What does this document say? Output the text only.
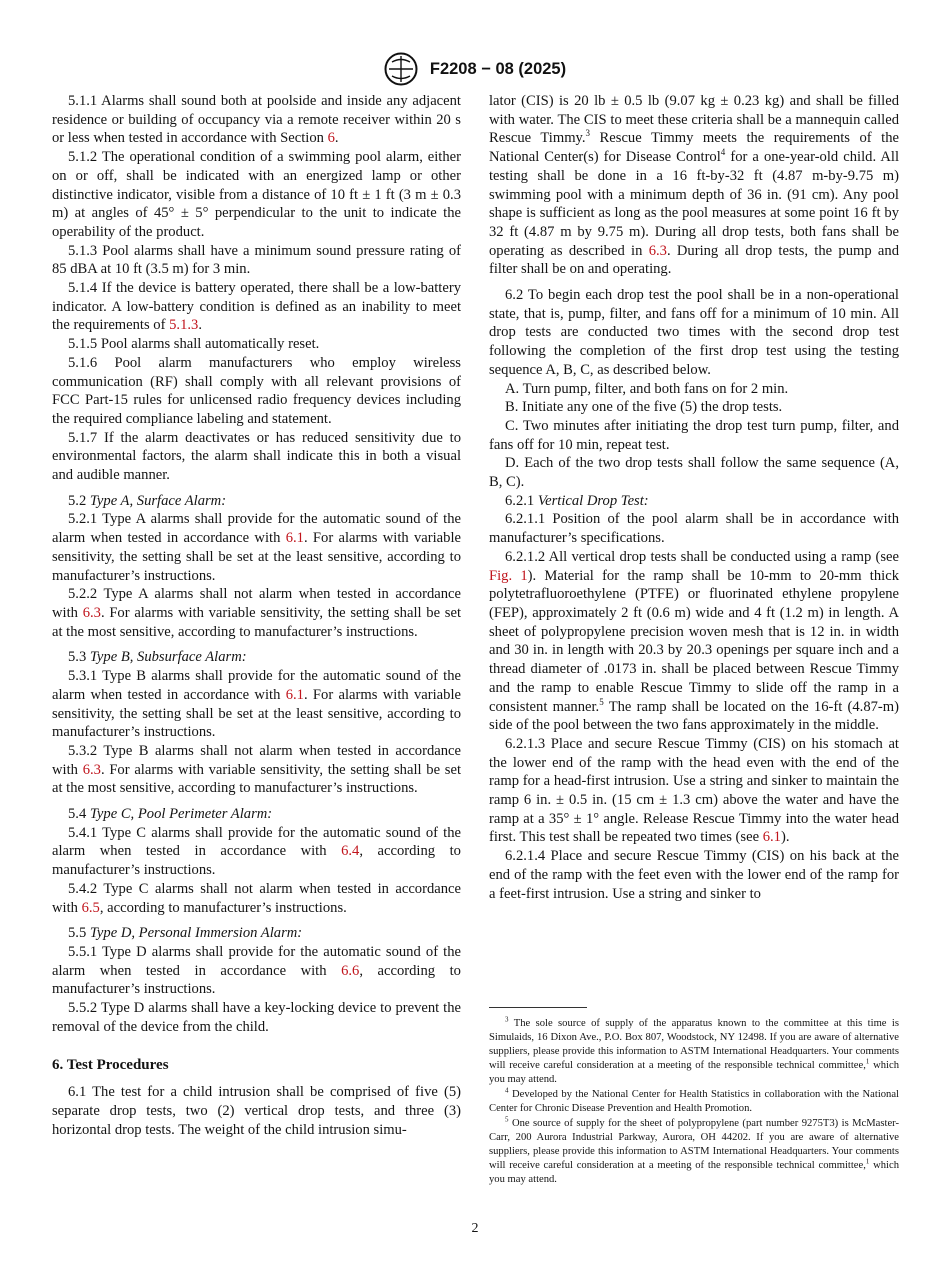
F2208 − 08 (2025)

5.1.1 Alarms shall sound both at poolside and inside any adjacent residence or building of occupancy via a remote receiver within 20 s or less when tested in accordance with Section 6.

5.1.2 The operational condition of a swimming pool alarm, either on or off, shall be indicated with an energized lamp or other distinctive indicator, visible from a distance of 10 ft ± 1 ft (3 m ± 0.3 m) at angles of 45° ± 5° perpendicular to the unit to indicate the operability of the product.

5.1.3 Pool alarms shall have a minimum sound pressure rating of 85 dBA at 10 ft (3.5 m) for 3 min.

5.1.4 If the device is battery operated, there shall be a low-battery indicator. A low-battery condition is defined as an inability to meet the requirements of 5.1.3.

5.1.5 Pool alarms shall automatically reset.

5.1.6 Pool alarm manufacturers who employ wireless communication (RF) shall comply with all relevant provisions of FCC Part-15 rules for unlicensed radio frequency devices including the required compliance labeling and statement.

5.1.7 If the alarm deactivates or has reduced sensitivity due to environmental factors, the alarm shall indicate this in both a visual and audible manner.

5.2 Type A, Surface Alarm:

5.2.1 Type A alarms shall provide for the automatic sound of the alarm when tested in accordance with 6.1. For alarms with variable sensitivity, the setting shall be set at the least sensitive, according to manufacturer’s instructions.

5.2.2 Type A alarms shall not alarm when tested in accordance with 6.3. For alarms with variable sensitivity, the setting shall be set at the most sensitive, according to manufacturer’s instructions.

5.3 Type B, Subsurface Alarm:

5.3.1 Type B alarms shall provide for the automatic sound of the alarm when tested in accordance with 6.1. For alarms with variable sensitivity, the setting shall be set at the least sensitive, according to manufacturer’s instructions.

5.3.2 Type B alarms shall not alarm when tested in accordance with 6.3. For alarms with variable sensitivity, the setting shall be set at the most sensitive, according to manufacturer’s instructions.

5.4 Type C, Pool Perimeter Alarm:

5.4.1 Type C alarms shall provide for the automatic sound of the alarm when tested in accordance with 6.4, according to manufacturer’s instructions.

5.4.2 Type C alarms shall not alarm when tested in accordance with 6.5, according to manufacturer’s instructions.

5.5 Type D, Personal Immersion Alarm:

5.5.1 Type D alarms shall provide for the automatic sound of the alarm when tested in accordance with 6.6, according to manufacturer’s instructions.

5.5.2 Type D alarms shall have a key-locking device to prevent the removal of the device from the child.

6. Test Procedures

6.1 The test for a child intrusion shall be comprised of five (5) separate drop tests, two (2) vertical drop tests, and three (3) horizontal drop tests. The weight of the child intrusion simu-

lator (CIS) is 20 lb ± 0.5 lb (9.07 kg ± 0.23 kg) and shall be filled with water. The CIS to meet these criteria shall be a mannequin called Rescue Timmy.$^3$ Rescue Timmy meets the requirements of the National Center(s) for Disease Control$^4$ for a one-year-old child. All testing shall be done in a 16 ft-by-32 ft (4.87 m-by-9.75 m) swimming pool with a minimum depth of 36 in. (91 cm). Any pool shape is sufficient as long as the pool measures at some point 16 ft by 32 ft (4.87 m by 9.75 m). During all drop tests, both fans shall be operating as described in 6.3. During all drop tests, the pump and filter shall be on and operating.

6.2 To begin each drop test the pool shall be in a non-operational state, that is, pump, filter, and fans off for a minimum of 10 min. All drop tests are conducted two times with the second drop test following the completion of the first drop test using the testing sequence A, B, C, as described below.

A. Turn pump, filter, and both fans on for 2 min.

B. Initiate any one of the five (5) the drop tests.

C. Two minutes after initiating the drop test turn pump, filter, and fans off for 10 min, repeat test.

D. Each of the two drop tests shall follow the same sequence (A, B, C).

6.2.1 Vertical Drop Test:

6.2.1.1 Position of the pool alarm shall be in accordance with manufacturer’s specifications.

6.2.1.2 All vertical drop tests shall be conducted using a ramp (see Fig. 1). Material for the ramp shall be 10-mm to 20-mm thick polytetrafluoroethylene (PTFE) or fluorinated ethylene propylene (FEP), approximately 2 ft (0.6 m) wide and 4 ft (1.2 m) in length. A sheet of polypropylene precision woven mesh that is 12 in. in width and 30 in. in length with 20.3 by 20.3 openings per square inch and a thread diameter of .0173 in. shall be placed between Rescue Timmy and the ramp to enable Rescue Timmy to slide off the ramp in a consistent manner.$^5$ The ramp shall be located on the 16-ft (4.87-m) side of the pool between the two fans approximately in the middle.

6.2.1.3 Place and secure Rescue Timmy (CIS) on his stomach at the lower end of the ramp with the head even with the end of the ramp for a head-first intrusion. Use a string and sinker to maintain the ramp 6 in. ± 0.5 in. (15 cm ± 1.3 cm) above the water and have the ramp at a 35° ± 1° angle. Release Rescue Timmy into the water head first. This test shall be repeated two times (see 6.1).

6.2.1.4 Place and secure Rescue Timmy (CIS) on his back at the end of the ramp with the feet even with the lower end of the ramp for a feet-first intrusion. Use a string and sinker to

$^3$ The sole source of supply of the apparatus known to the committee at this time is Simulaids, 16 Dixon Ave., P.O. Box 807, Woodstock, NY 12498. If you are aware of alternative suppliers, please provide this information to ASTM International Headquarters. Your comments will receive careful consideration at a meeting of the responsible technical committee,$^1$ which you may attend.

$^4$ Developed by the National Center for Health Statistics in collaboration with the National Center for Chronic Disease Prevention and Health Promotion.

$^5$ One source of supply for the sheet of polypropylene (part number 9275T3) is McMaster-Carr, 200 Aurora Industrial Parkway, Aurora, OH 44202. If you are aware of alternative suppliers, please provide this information to ASTM International Headquarters. Your comments will receive careful consideration at a meeting of the responsible technical committee,$^1$ which you may attend.

2
